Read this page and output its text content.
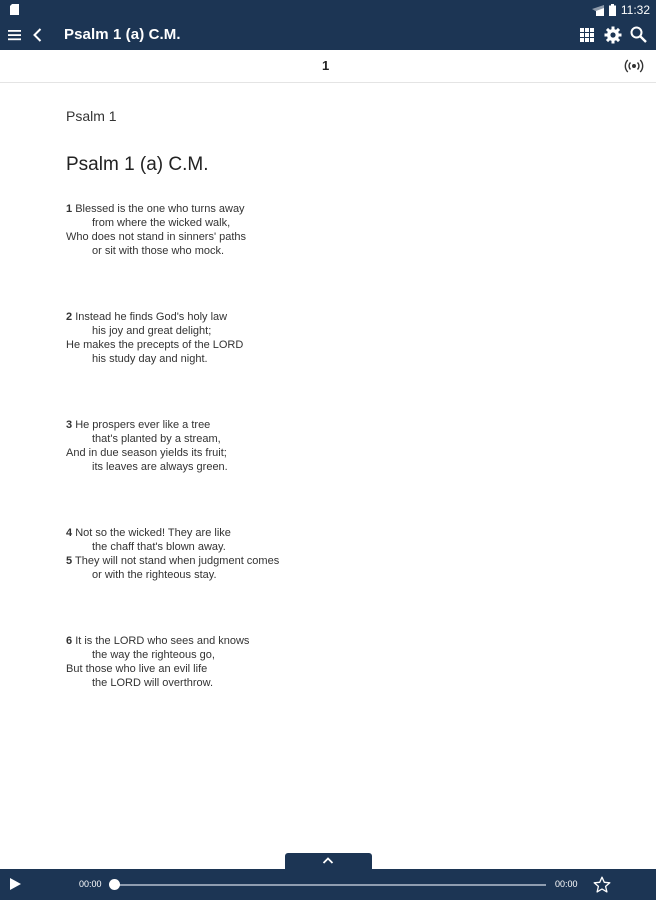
11:32
Psalm 1 (a) C.M.
1
Psalm 1
Psalm 1 (a) C.M.
1 Blessed is the one who turns away
from where the wicked walk,
Who does not stand in sinners' paths
or sit with those who mock.
2 Instead he finds God's holy law
his joy and great delight;
He makes the precepts of the LORD
his study day and night.
3 He prospers ever like a tree
that's planted by a stream,
And in due season yields its fruit;
its leaves are always green.
4 Not so the wicked! They are like
the chaff that's blown away.
5 They will not stand when judgment comes
or with the righteous stay.
6 It is the LORD who sees and knows
the way the righteous go,
But those who live an evil life
the LORD will overthrow.
00:00	00:00
